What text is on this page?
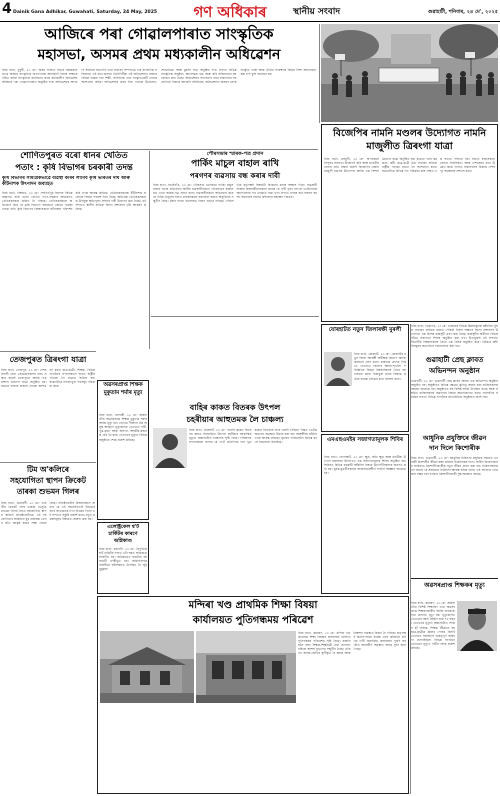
4 Dainik Gana Adhikar, Guwahati, Saturday, 24 May, 2025	গণ অধিকাৰ	স্থানীয় সংবাদ	গুৱাহাটী, শনিবাৰ, ২৪ মে', ২০২৫
আজিৰে পৰা গোৱালপাৰাত সাংস্কৃতিক
মহাসভা, অসমৰ প্ৰথম মধ্যকালীন অধিৱেশন
নিজ বাৰ্তা, ধুবুৰী, ২৩ মে': অসম সাহিত্য সভাৰ সমান্তৰালভাৱে অসমৰ সাংস্কৃতিক জগতখনক আগবঢ়াই নিয়াৰ লক্ষ্যৰে গঠিত অসম সাংস্কৃতিক মহাসভাৰ প্ৰথম মধ্যকালীন অধিৱেশন আজিৰে পৰা গোৱালপাৰাত অনুষ্ঠিত হ'ব। অধিৱেশনৰ আদৰণি সমিতিৰ সভাপতি তথা সাধাৰণ সম্পাদকে এক সাংবাদিক সন্মিলনত এই কথা জনায়। তিনিদিনীয়া এই অধিৱেশনত ৰাজ্যৰ বিভিন্ন প্ৰান্তৰ পৰা শিল্পী, সাহিত্যিক তথা সংস্কৃতিপ্ৰেমী লোকে অংশগ্ৰহণ কৰিব। অধিৱেশনৰ প্ৰথম দিনা পতাকা উত্তোলন, শোভাযাত্ৰা আৰু মুকলি সভা অনুষ্ঠিত হ'ব। লগতে বিভিন্ন সাংস্কৃতিক অনুষ্ঠান, আলোচনা চক্ৰ আৰু কবি সন্মিলনৰো আয়োজন কৰা হৈছে। অধিৱেশনৰ সফলতাৰ বাবে সকলোৰে সহযোগিতা বিচাৰে আদৰণি সমিতিয়ে। অধিৱেশনত অসমৰ লোকসংস্কৃতি, ভাষা আৰু ঐতিহ্য সংৰক্ষণৰ বিষয়ে বিশদ আলোচনা কৰা হ'ব বুলি জনোৱা হয়।
বিজেপিৰ নামনি মণ্ডলৰ উদ্যোগত নামনি মাজুলীত ত্ৰিৰংগা যাত্ৰা
নিজ বাৰ্তা, মাজুলী, ২৩ মে': অপাৰেচন সিন্দূৰৰ সফলতা উদযাপন কৰি আৰু ভাৰতীয় সেনাৰ প্ৰতি সন্মান জনাই বিজেপিৰ নামনি মাজুলী মণ্ডলৰ উদ্যোগত আজি এক বিশাল ত্ৰিৰংগা যাত্ৰা অনুষ্ঠিত হয়। যাত্ৰাত দলৰ কৰ্মকৰ্তা, কৰ্মী, ছাত্ৰ-ছাত্ৰী তথা সাধাৰণ ৰাইজে ৰাষ্ট্ৰীয় পতাকা হাতত লৈ অংশগ্ৰহণ কৰে। যাত্ৰাটোৱে বিভিন্ন পথ পৰিক্ৰমা কৰি শেষত এক সভাত পৰিণত হয়। সভাত বক্তাসকলে সেনাৰ সাহসিকতা আৰু দেশপ্ৰেমৰ কথা উল্লেখ কৰে। লগতে সন্ত্ৰাসবাদৰ বিৰুদ্ধে দেশৰ দৃঢ় অৱস্থানৰ প্ৰশংসা কৰে।
শোণিতপুৰত বৰো ধানৰ খেতিত
পতাং : কৃষি বিভাগৰ চৰকাৰী তদন্ত
কৃষি বিভাগৰ সামগ্ৰিকভাৱে ব্যৱস্থা কৰিব লাগিব কৃষি ভাৰতৰ দীঘ আৰু কীটনাশক উৎপাদন অব্যাহত
নিজ বাৰ্তা, বিশ্বনাথ, ২৩ মে': শোণিতপুৰ জিলাৰ বিভিন্ন অঞ্চলত বৰো ধানৰ খেতিত পতং-পৰুৱাৰ আক্ৰমণত খেতিয়কসকল চিন্তিত হৈ পৰিছে। খেতিয়কসকলে অভিযোগ কৰে যে কৃষি বিভাগে সময়মতে কোনো ব্যৱস্থা লোৱা নাই। কৃষি বিভাগৰ বিষয়াসকলে ঘটনাস্থল পৰিদৰ্শন কৰি তদন্ত আৰম্ভ কৰিছে। খেতিয়কসকলক কীটনাশক প্ৰয়োগৰ বিষয়ে পৰামৰ্শ দিয়া হৈছে। ক্ষতিগ্ৰস্ত খেতিয়কসকলক উপযুক্ত ক্ষতিপূৰণ প্ৰদানৰ দাবী উত্থাপন কৰা হৈছে। এই সন্দৰ্ভত স্থানীয় ৰাইজে জিলা প্ৰশাসনৰ দৃষ্টি আকৰ্ষণ কৰিছে।
পৌৰসভাৰ স্মাৰক-পত্ৰ প্ৰদান
পাৰ্কিং মাচুল বাহাল ৰাখি
পৰগণৰ ব্যৱসায় বন্ধ কৰাৰ দাবী
নিজ বাৰ্তা, বঙাইগাঁও, ২৩ মে': পৌৰসভা এলেকাত পাৰ্কিং মাচুল বাহাল ৰখাৰ প্ৰতিবাদত স্থানীয় ব্যৱসায়ীসকলে পৌৰসভাৰ কাৰ্যালয়ত এখন স্মাৰক-পত্ৰ প্ৰদান কৰে। ব্যৱসায়ীসকলে অভিযোগ কৰে যে পাৰ্কিং মাচুলৰ ফলত গ্ৰাহকসকলে বজাৰলৈ অহাত অসুবিধাৰ সন্মুখীন হৈছে। ইয়াৰ ফলত ব্যৱসায়ত বিৰূপ প্ৰভাৱ পৰিছে। পৌৰসভাৰ কৰ্তৃপক্ষই বিষয়টো বিবেচনা কৰাৰ আশ্বাস দিয়ে। ব্যৱসায়ী সংস্থাৰ বিষয়ববীয়াসকলে জনায় যে দাবী পূৰণ নহ'লে তেওঁলোকে আন্দোলনৰ পথ লোৱাত বাধ্য হ'ব। লগতে নগৰৰ যান-বাহনৰ সমস্যা সমাধানৰ বাবেও প্ৰশাসনৰ হস্তক্ষেপ বিচাৰে।
নিজ বাৰ্তা, ডিব্ৰুগড়, ২৩ মে': চৰকাৰৰ বিভিন্ন উন্নয়নমূলক আঁচনিৰ সুফল সাধাৰণ ৰাইজৰ মাজত পৌছাই দিয়াৰ লক্ষ্যৰে জিলা প্ৰশাসনৰ উদ্যোগত এক বিশেষ কাৰ্যসূচী গ্ৰহণ কৰা হৈছে। কাৰ্যসূচীৰ অধীনত বিভিন্ন গাঁৱত সজাগতা শিবিৰ অনুষ্ঠিত কৰা হ'ব। উপায়ুক্তই এই সন্দৰ্ভত বিভাগীয় বিষয়াসকলৰ সৈতে এক বৈঠক অনুষ্ঠিত কৰে। বৈঠকত আঁচনিসমূহৰ অগ্ৰগতিৰ পৰ্যালোচনা কৰা হয়।
যোৰহাটত নতুন জিলাৰক্ষী মুৰলী
নিজ বাৰ্তা, যোৰহাট, ২৩ মে': যোৰহাটৰ নতুন জিলা আৰক্ষী অধীক্ষক হিচাপে আজি কাৰ্যভাৰ গ্ৰহণ কৰে। কাৰ্যভাৰ গ্ৰহণৰ পিছতে তেখেতে জিলাৰ আইন-শৃংখলা পৰিস্থিতিৰ বিষয়ে বিষয়াসকলৰ সৈতে আলোচনা কৰে। নিচাযুক্ত দ্ৰব্যৰ বিৰুদ্ধে কঠোৰ ব্যৱস্থা লোৱাৰ কথা ঘোষণা কৰে।
গুৱাহাটী প্ৰেছ ক্লাবত
অভিনন্দন অনুষ্ঠান
গুৱাহাটী, ২৩ মে': গুৱাহাটী প্ৰেছ ক্লাবত আজি এক অভিনন্দন অনুষ্ঠান অনুষ্ঠিত হয়। অনুষ্ঠানত বিভিন্ন ক্ষেত্ৰত কৃতিত্ব অৰ্জন কৰা ব্যক্তিসকলক সম্বৰ্ধনা জনোৱা হয়। অনুষ্ঠানত বহু বিশিষ্ট ব্যক্তি উপস্থিত থাকে আৰু সম্বৰ্ধিত ব্যক্তিসকলৰ অৱদানৰ বিষয়ে আলোকপাত কৰে। সাংবাদিক সমাজৰ লগতে বিভিন্ন সংগঠনৰ প্ৰতিনিধিয়ে অনুষ্ঠানত অংশ লয়।
এমএছএমইৰ সজাগতামূলক শিবিৰ
নিজ বাৰ্তা, গোলাঘাট, ২৩ মে': ক্ষুদ্ৰ, অতি ক্ষুদ্ৰ আৰু মধ্যমীয়া উদ্যোগ মন্ত্ৰালয়ৰ উদ্যোগত এক সজাগতামূলক শিবিৰ অনুষ্ঠিত হয়। শিবিৰত বিভিন্ন চৰকাৰী আঁচনিৰ বিষয়ে উদ্যোগীসকলক অৱগত কৰা হয়। যুৱক-যুৱতীসকলক আত্মনিৰ্ভৰশীল হ'বলৈ আহ্বান জনোৱা হয়।
আধুনিক প্ৰযুক্তিৰে জীৱন
দান দিলে কিশোৰীক
নিজ বাৰ্তা, গুৱাহাটী, ২৩ মে': আধুনিক চিকিৎসা প্ৰযুক্তিৰ সহায়ত এগৰাকী কিশোৰীৰ জীৱন ৰক্ষা কৰিলে চিকিৎসকৰ দলে। জটিল অস্ত্ৰোপচাৰৰ জৰিয়তে কিশোৰীগৰাকীক নতুন জীৱন প্ৰদান কৰা হয়। চিকিৎসকসকলে জনায় যে সময়মতে চিকিৎসা আৰম্ভ কৰাৰ ফলত এই সফলতা লাভ কৰা সম্ভৱ হয়। বৰ্তমান কিশোৰীগৰাকী সুস্থ অৱস্থাত আছে।
অৱসৰপ্ৰাপ্ত শিক্ষকৰ মৃত্যু
নিজ বাৰ্তা, কামৰূপ, ২৩ মে': অঞ্চলটোৰ বিশিষ্ট শিক্ষাবিদ তথা অৱসৰপ্ৰাপ্ত শিক্ষকগৰাকীৰ আজি বাৰ্ধক্যজনিত কাৰণত মৃত্যু হয়। মৃত্যুকালত তেখেতৰ বয়স হৈছিল প্ৰায় ৭৮ বছৰ। তেখেতৰ মৃত্যুত অঞ্চলটোত শোকৰ ছাঁ পৰিছে। শিক্ষক জীৱনত বহু ছাত্ৰ-ছাত্ৰীক জ্ঞানৰ পোহৰ বিলাই তেখেতে সমাজলৈ গুৰুত্বপূৰ্ণ অৰিহণা যোগাইছিল। বিভিন্ন সংগঠনে তেখেতৰ মৃত্যুত গভীৰ শোক প্ৰকাশ কৰিছে।
বাহিৰ কাকত বিতৰক উৎপল
চহৰীয়াৰ আহুতমক লৈ চাঞ্চল্য
নিজ বাৰ্তা, যোৰহাট, ২৩ মে': বাতৰি কাকত বিতৰণৰ কামত নিয়োজিত উৎপল চহৰীয়াৰ আকস্মিক মৃত্যুত অঞ্চলটোত চাঞ্চল্যৰ সৃষ্টি হৈছে। পৰিয়ালৰ সদস্যসকলে জনায় যে তেওঁ প্ৰতিদিনৰ দৰে পুৱা কাকত বিতৰণৰ বাবে ওলাই গৈছিল। পিছত তেওঁক অচেতন অৱস্থাত উদ্ধাৰ কৰা হয়। আৰক্ষীয়ে ঘটনাৰ তদন্ত আৰম্ভ কৰিছে। মৃতকৰ পৰিয়াললৈ বিভিন্ন মহলে সমবেদনা জনাইছে।
অৱসৰপ্ৰাপ্ত শিক্ষক মুকুতাম শৰ্মাৰ মৃত্যু
নিজ বাৰ্তা, নলবাৰী, ২৩ মে': অঞ্চলটোৰ অৱসৰপ্ৰাপ্ত শিক্ষক মুকুতাম শৰ্মাৰ আজি মৃত্যু হয়। তেখেত দীৰ্ঘদিন ধৰি অসুস্থ আছিল। মৃত্যুকালত তেখেতে পত্নী, পুত্ৰ-কন্যা আৰু অসংখ্য আত্মীয়-স্বজনক এৰি থৈ যায়। তেখেতৰ মৃত্যুত বিভিন্ন অনুষ্ঠানে শোক প্ৰকাশ কৰিছে।
এলেক্ট্ৰিকেল শ্ব'ৰ্ট চাৰ্কিটৰ কাৰণে অগ্নিকাণ্ড
নিজ বাৰ্তা, বৰপেটা, ২৩ মে': বৈদ্যুতিক শ্ব'ৰ্ট চাৰ্কিটৰ ফলত এটা ঘৰত অগ্নিকাণ্ড সংঘটিত হয়। অগ্নিকাণ্ডত ঘৰটোৰ বহু সামগ্ৰী ভস্মীভূত হয়। অগ্নিনিৰ্বাপক বাহিনীয়ে ঘটনাস্থলত উপস্থিত হৈ জুই নুমুৱায়।
তেজপুৰত ত্ৰিৰংগা যাত্ৰা
নিজ বাৰ্তা, তেজপুৰ, ২৩ মে': দেশৰ সাহসী সেনা জোৱানসকলৰ প্ৰতি সন্মান জনাই তেজপুৰত আজি এক বিশাল ত্ৰিৰংগা যাত্ৰা অনুষ্ঠিত হয়। যাত্ৰাত হাজাৰ হাজাৰ লোকে অংশগ্ৰহণ কৰে। ছাত্ৰ-ছাত্ৰী, শিক্ষক, বিভিন্ন সংগঠনৰ সদস্যসকলে হাতত ৰাষ্ট্ৰীয় পতাকা লৈ যাত্ৰাত শামিল হয়। যাত্ৰাটোৱে নগৰৰ মুখ্য পথসমূহ পৰিক্ৰমা কৰে।
টিম অ'কলিৰে
সহযোগিতা স্থাপন ক্ৰিকেট
তাৰকা শুভমন গিলৰ
নিজ বাৰ্তা, গুৱাহাটী, ২৩ মে': ভাৰতীয় ক্ৰিকেট দলৰ তাৰকা খেলুৱৈ শুভমন গিলৰ সৈতে সহযোগিতা স্থাপন কৰিলে প্ৰতিষ্ঠানটোৱে। এই সহযোগিতাৰ জৰিয়তে যুৱ প্ৰজন্মক খেলৰ প্ৰতি আকৃষ্ট কৰাৰ লক্ষ্য লোৱা হৈছে। প্ৰতিষ্ঠানটোৰ বিষয়াসকলে জনায় যে এই সহযোগিতাই উভয়ৰে বাবে লাভজনক হ'ব। শুভমন গিলে এই সন্দৰ্ভত সন্তুষ্টি প্ৰকাশ কৰে। নতুন প্ৰকল্পসমূহৰ বিষয়েও ঘোষণা কৰা হয়।
মন্দিৰা খণ্ড প্ৰাথমিক শিক্ষা বিষয়া
কাৰ্যালয়ত পুতিগন্ধময় পৰিৱেশ
নিজ বাৰ্তা, কামৰূপ, ২৩ মে': মন্দিৰা খণ্ড প্ৰাথমিক শিক্ষা বিষয়াৰ কাৰ্যালয়ৰ চৌহদত পুতিগন্ধময় পৰিৱেশৰ সৃষ্টি হৈছে। কাৰ্যালয়লৈ অহা শিক্ষক-শিক্ষয়িত্ৰী তথা সাধাৰণ ৰাইজে অশেষ দুৰ্ভোগৰ সন্মুখীন হৈছে। চৌহদত জাবৰ-জোঁথৰ স্তূপীকৃত হৈ আছে আৰু নিষ্কাশন ব্যৱস্থাও বিকল হৈ পৰিছে। কৰ্তৃপক্ষই অনতিপলমে ব্যৱস্থা গ্ৰহণ কৰিবলৈ ৰাইজে দাবী জনাইছে। কাৰ্যালয়ৰ পুৰণি ঘৰটোও জৰাজীৰ্ণ অৱস্থাত আছে বুলি জনা গৈছে।
